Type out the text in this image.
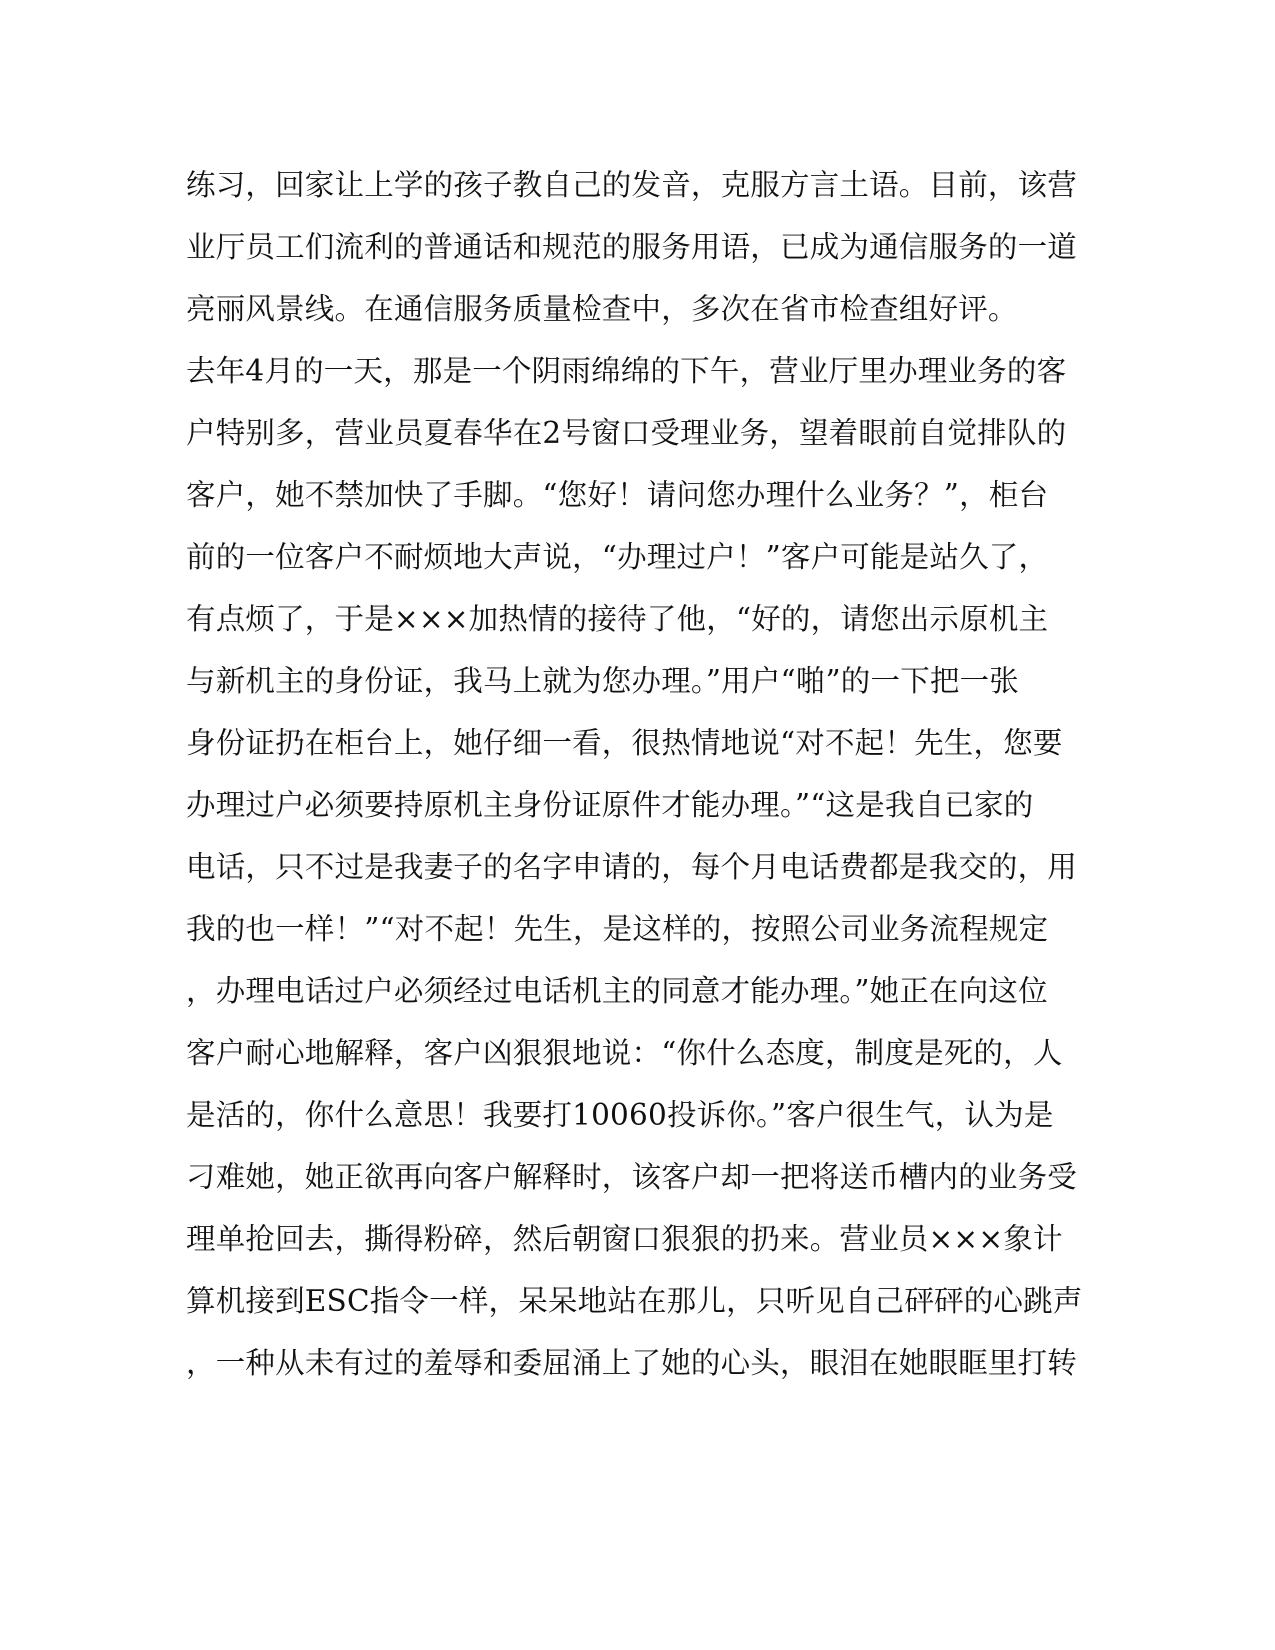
练习，回家让上学的孩子教自己的发音，克服方言土语。目前，该营
业厅员工们流利的普通话和规范的服务用语，已成为通信服务的一道
亮丽风景线。在通信服务质量检查中，多次在省市检查组好评。
去年4月的一天，那是一个阴雨绵绵的下午，营业厅里办理业务的客
户特别多，营业员夏春华在2号窗口受理业务，望着眼前自觉排队的
客户，她不禁加快了手脚。“您好！请问您办理什么业务？”，柜台
前的一位客户不耐烦地大声说，“办理过户！”客户可能是站久了，
有点烦了，于是×××加热情的接待了他，“好的，请您出示原机主
与新机主的身份证，我马上就为您办理。”用户“啪”的一下把一张
身份证扔在柜台上，她仔细一看，很热情地说“对不起！先生，您要
办理过户必须要持原机主身份证原件才能办理。”“这是我自已家的
电话，只不过是我妻子的名字申请的，每个月电话费都是我交的，用
我的也一样！”“对不起！先生，是这样的，按照公司业务流程规定
，办理电话过户必须经过电话机主的同意才能办理。”她正在向这位
客户耐心地解释，客户凶狠狠地说：“你什么态度，制度是死的，人
是活的，你什么意思！我要打10060投诉你。”客户很生气，认为是
刁难她，她正欲再向客户解释时，该客户却一把将送币槽内的业务受
理单抢回去，撕得粉碎，然后朝窗口狠狠的扔来。营业员×××象计
算机接到ESC指令一样，呆呆地站在那儿，只听见自己砰砰的心跳声
，一种从未有过的羞辱和委屈涌上了她的心头，眼泪在她眼眶里打转
